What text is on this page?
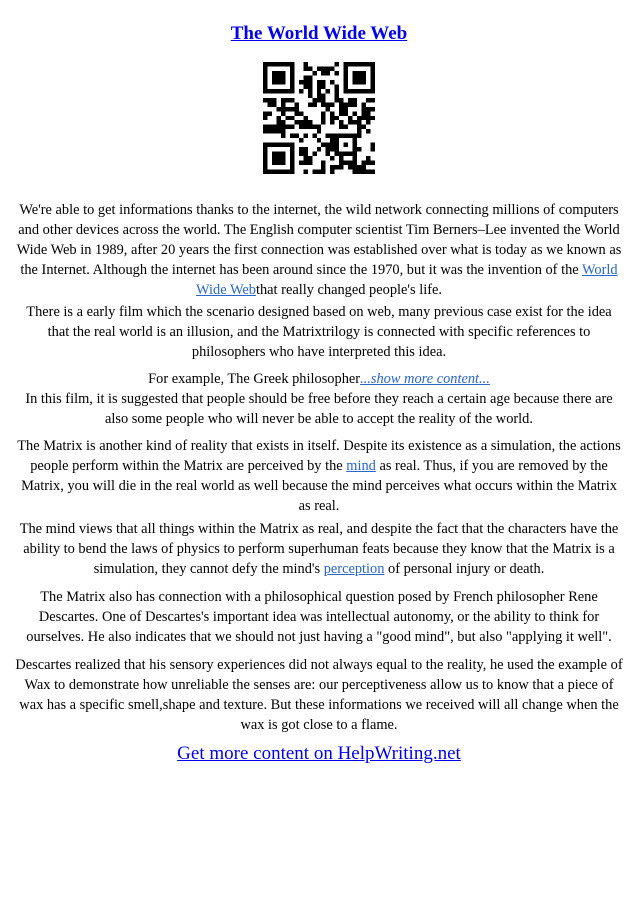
The World Wide Web
We're able to get informations thanks to the internet, the wild network connecting millions of computers and other devices across the world. The English computer scientist Tim Berners–Lee invented the World Wide Web in 1989, after 20 years the first connection was established over what is today as we known as the Internet. Although the internet has been around since the 1970, but it was the invention of the World Wide Webthat really changed people's life.
There is a early film which the scenario designed based on web, many previous case exist for the idea that the real world is an illusion, and the Matrixtrilogy is connected with specific references to philosophers who have interpreted this idea.
For example, The Greek philosopher...show more content...
In this film, it is suggested that people should be free before they reach a certain age because there are also some people who will never be able to accept the reality of the world.
The Matrix is another kind of reality that exists in itself. Despite its existence as a simulation, the actions people perform within the Matrix are perceived by the mind as real. Thus, if you are removed by the Matrix, you will die in the real world as well because the mind perceives what occurs within the Matrix as real.
The mind views that all things within the Matrix as real, and despite the fact that the characters have the ability to bend the laws of physics to perform superhuman feats because they know that the Matrix is a simulation, they cannot defy the mind's perception of personal injury or death.
The Matrix also has connection with a philosophical question posed by French philosopher Rene Descartes. One of Descartes's important idea was intellectual autonomy, or the ability to think for ourselves. He also indicates that we should not just having a "good mind", but also "applying it well".
Descartes realized that his sensory experiences did not always equal to the reality, he used the example of Wax to demonstrate how unreliable the senses are: our perceptiveness allow us to know that a piece of wax has a specific smell,shape and texture. But these informations we received will all change when the wax is got close to a flame.
Get more content on HelpWriting.net
